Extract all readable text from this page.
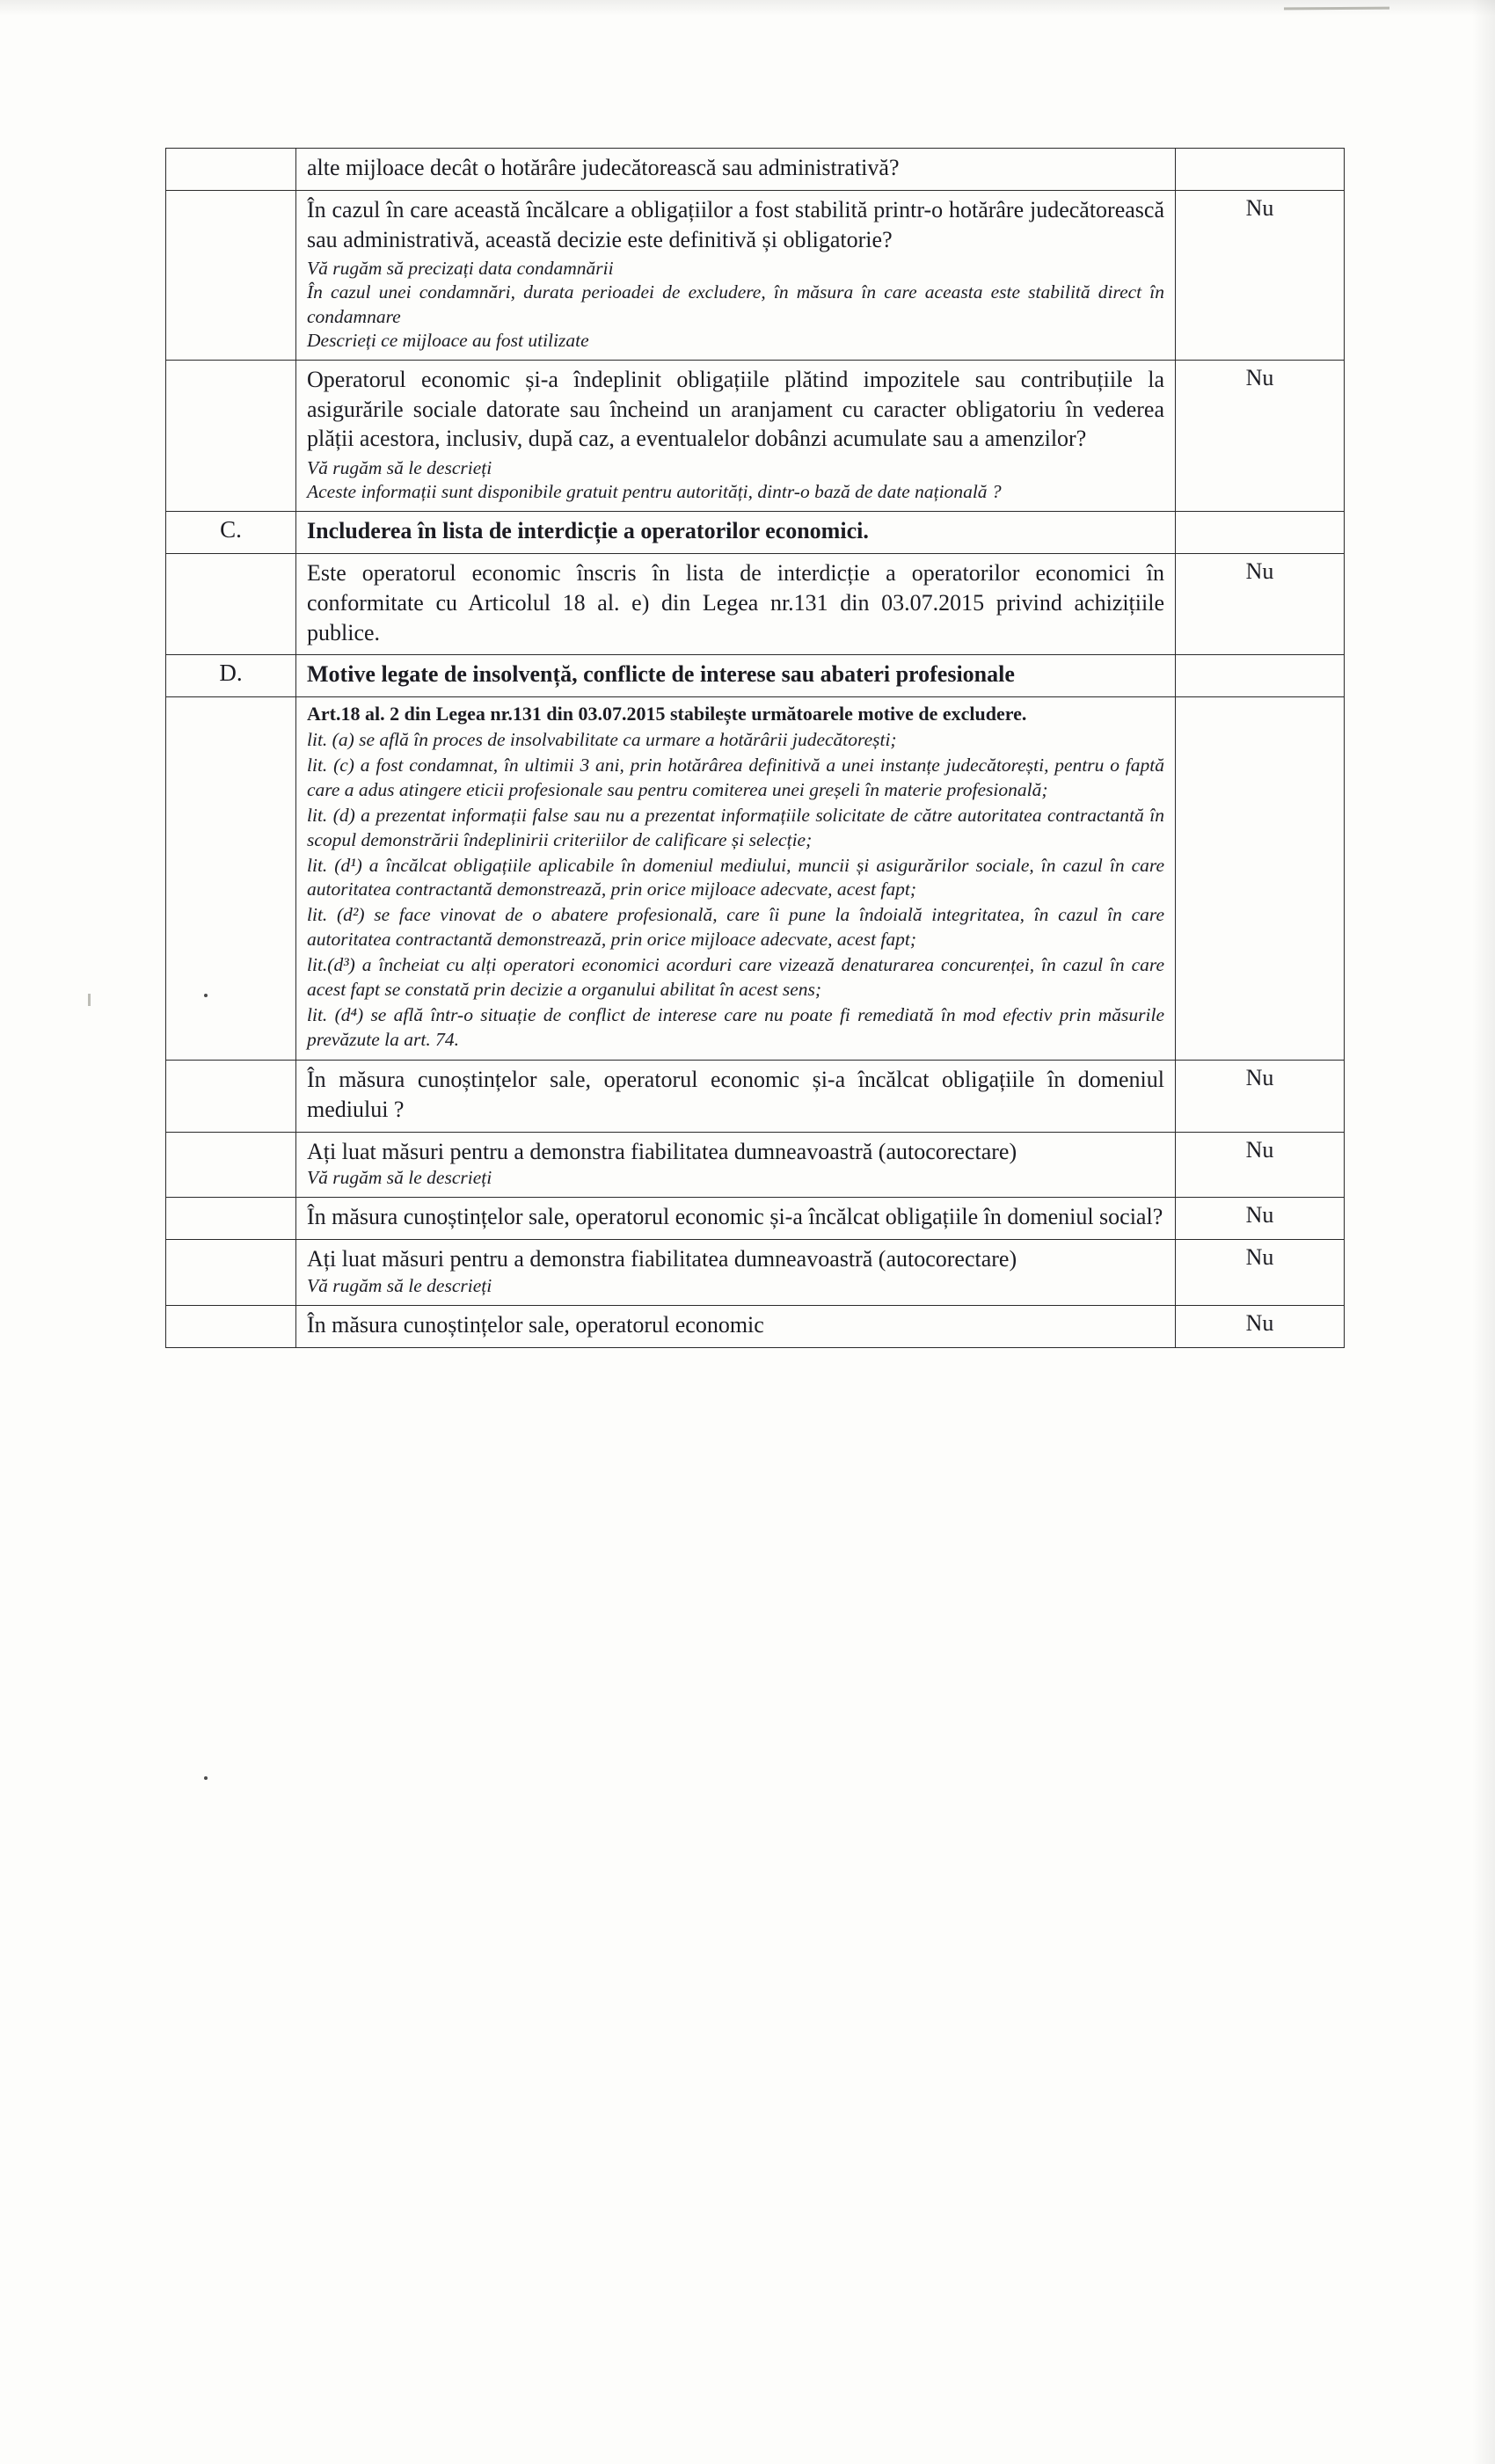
	alte mijloace decât o hotărâre judecătorească sau administrativă?	

	În cazul în care această încălcare a obligațiilor a fost stabilită printr-o hotărâre judecătorească sau administrativă, această decizie este definitivă și obligatorie?
Vă rugăm să precizați data condamnării
În cazul unei condamnări, durata perioadei de excludere, în măsura în care aceasta este stabilită direct în condamnare
Descrieți ce mijloace au fost utilizate	Nu

	Operatorul economic și-a îndeplinit obligațiile plătind impozitele sau contribuțiile la asigurările sociale datorate sau încheind un aranjament cu caracter obligatoriu în vederea plății acestora, inclusiv, după caz, a eventualelor dobânzi acumulate sau a amenzilor?
Vă rugăm să le descrieți
Aceste informații sunt disponibile gratuit pentru autorități, dintr-o bază de date națională ?	Nu
C.	Includerea în lista de interdicție a operatorilor economici.	

	Este operatorul economic înscris în lista de interdicție a operatorilor economici în conformitate cu Articolul 18 al. e) din Legea nr.131 din 03.07.2015 privind achizițiile publice.	Nu
D.	Motive legate de insolvență, conflicte de interese sau abateri profesionale	

Art.18 al. 2 din Legea nr.131 din 03.07.2015 stabilește următoarele motive de excludere.
lit. (a) se află în proces de insolvabilitate ca urmare a hotărârii judecătorești;
lit. (c) a fost condamnat, în ultimii 3 ani, prin hotărârea definitivă a unei instanțe judecătorești, pentru o faptă care a adus atingere eticii profesionale sau pentru comiterea unei greșeli în materie profesională;
lit. (d) a prezentat informații false sau nu a prezentat informațiile solicitate de către autoritatea contractantă în scopul demonstrării îndeplinirii criteriilor de calificare și selecție;
lit. (d¹) a încălcat obligațiile aplicabile în domeniul mediului, muncii și asigurărilor sociale, în cazul în care autoritatea contractantă demonstrează, prin orice mijloace adecvate, acest fapt;
lit. (d²) se face vinovat de o abatere profesională, care îi pune la îndoială integritatea, în cazul în care autoritatea contractantă demonstrează, prin orice mijloace adecvate, acest fapt;
lit.(d³) a încheiat cu alți operatori economici acorduri care vizează denaturarea concurenței, în cazul în care acest fapt se constată prin decizie a organului abilitat în acest sens;
lit. (d⁴) se află într-o situație de conflict de interese care nu poate fi remediată în mod efectiv prin măsurile prevăzute la art. 74.

	În măsura cunoștințelor sale, operatorul economic și-a încălcat obligațiile în domeniul mediului ?	Nu

	Ați luat măsuri pentru a demonstra fiabilitatea dumneavoastră (autocorectare)
Vă rugăm să le descrieți	Nu

	În măsura cunoștințelor sale, operatorul economic și-a încălcat obligațiile în domeniul social?	Nu

	Ați luat măsuri pentru a demonstra fiabilitatea dumneavoastră (autocorectare)
Vă rugăm să le descrieți	Nu

	În măsura cunoștințelor sale, operatorul economic	Nu
